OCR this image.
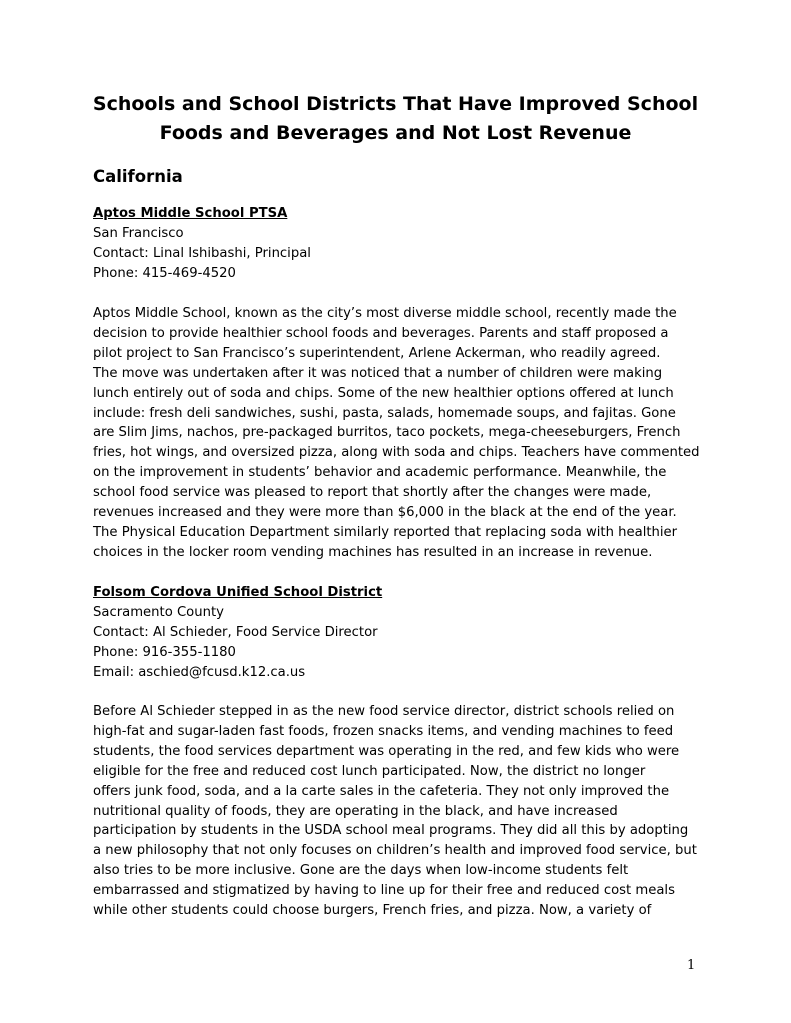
Schools and School Districts That Have Improved School
Foods and Beverages and Not Lost Revenue
California
Aptos Middle School PTSA
San Francisco
Contact: Linal Ishibashi, Principal
Phone: 415-469-4520
Aptos Middle School, known as the city’s most diverse middle school, recently made the
decision to provide healthier school foods and beverages. Parents and staff proposed a
pilot project to San Francisco’s superintendent, Arlene Ackerman, who readily agreed.
The move was undertaken after it was noticed that a number of children were making
lunch entirely out of soda and chips. Some of the new healthier options offered at lunch
include: fresh deli sandwiches, sushi, pasta, salads, homemade soups, and fajitas. Gone
are Slim Jims, nachos, pre-packaged burritos, taco pockets, mega-cheeseburgers, French
fries, hot wings, and oversized pizza, along with soda and chips. Teachers have commented
on the improvement in students’ behavior and academic performance. Meanwhile, the
school food service was pleased to report that shortly after the changes were made,
revenues increased and they were more than $6,000 in the black at the end of the year.
The Physical Education Department similarly reported that replacing soda with healthier
choices in the locker room vending machines has resulted in an increase in revenue.
Folsom Cordova Unified School District
Sacramento County
Contact: Al Schieder, Food Service Director
Phone: 916-355-1180
Email: aschied@fcusd.k12.ca.us
Before Al Schieder stepped in as the new food service director, district schools relied on
high-fat and sugar-laden fast foods, frozen snacks items, and vending machines to feed
students, the food services department was operating in the red, and few kids who were
eligible for the free and reduced cost lunch participated. Now, the district no longer
offers junk food, soda, and a la carte sales in the cafeteria. They not only improved the
nutritional quality of foods, they are operating in the black, and have increased
participation by students in the USDA school meal programs. They did all this by adopting
a new philosophy that not only focuses on children’s health and improved food service, but
also tries to be more inclusive. Gone are the days when low-income students felt
embarrassed and stigmatized by having to line up for their free and reduced cost meals
while other students could choose burgers, French fries, and pizza. Now, a variety of
1
